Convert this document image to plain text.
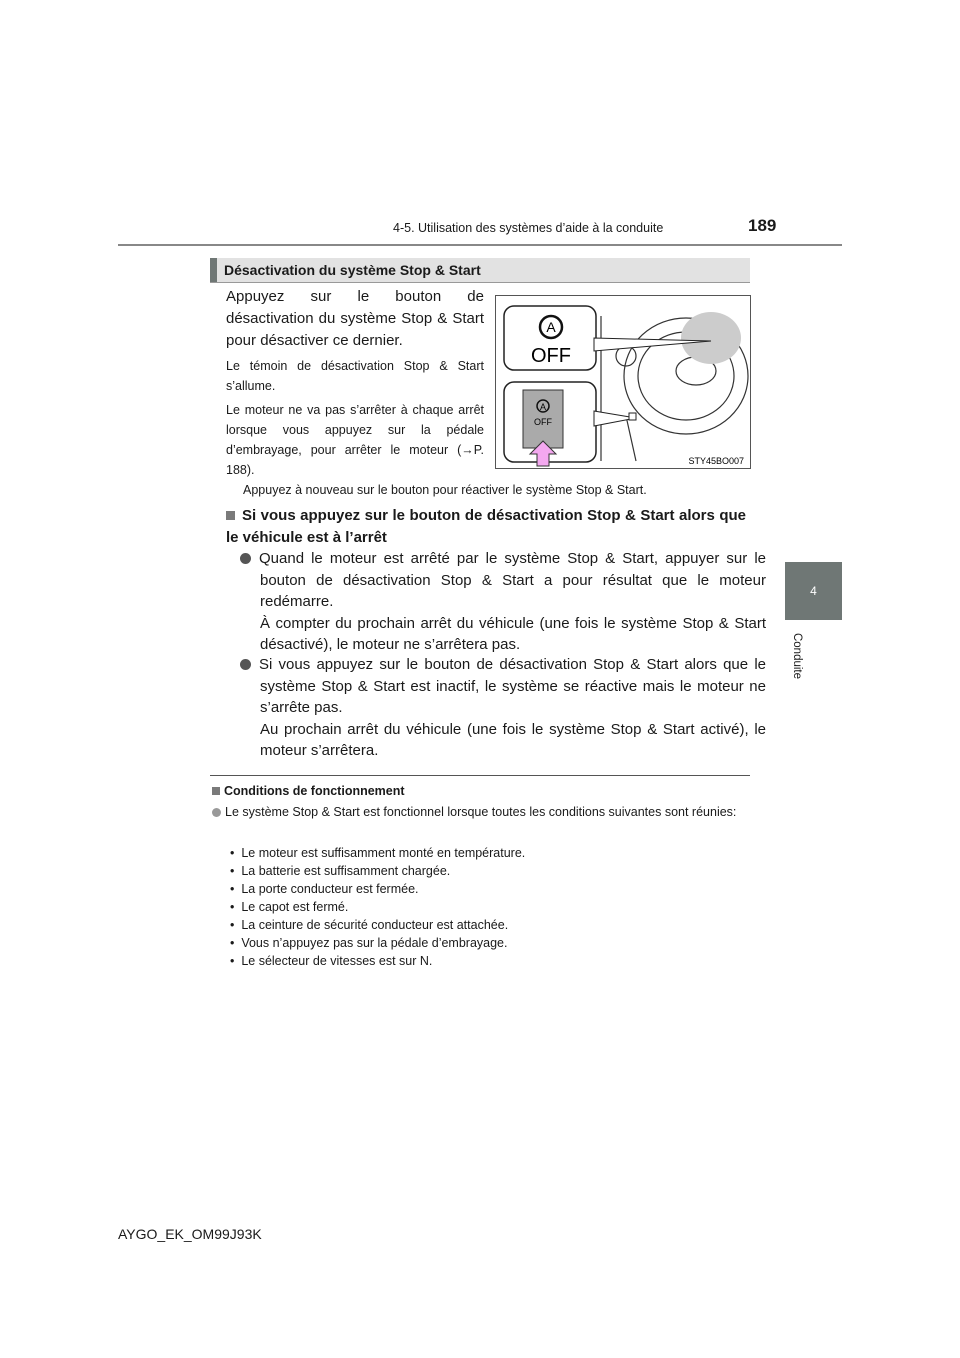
4-5. Utilisation des systèmes d’aide à la conduite	189
4
Conduite
Désactivation du système Stop & Start
Appuyez sur le bouton de désactivation du système Stop & Start pour désactiver ce dernier.
Le témoin de désactivation Stop & Start s’allume.
Le moteur ne va pas s’arrêter à chaque arrêt lorsque vous appuyez sur la pédale d’embrayage, pour arrêter le moteur (→P. 188).
Appuyez à nouveau sur le bouton pour réactiver le système Stop & Start.
A
A
OFF
OFF
STY45BO007
Si vous appuyez sur le bouton de désactivation Stop & Start alors que le véhicule est à l’arrêt
Quand le moteur est arrêté par le système Stop & Start, appuyer sur le bouton de désactivation Stop & Start a pour résultat que le moteur redémarre.
À compter du prochain arrêt du véhicule (une fois le système Stop & Start désactivé), le moteur ne s’arrêtera pas.
Si vous appuyez sur le bouton de désactivation Stop & Start alors que le système Stop & Start est inactif, le système se réactive mais le moteur ne s’arrête pas.
Au prochain arrêt du véhicule (une fois le système Stop & Start activé), le moteur s’arrêtera.
Conditions de fonctionnement
Le système Stop & Start est fonctionnel lorsque toutes les conditions suivantes sont réunies:
•  Le moteur est suffisamment monté en température.
•  La batterie est suffisamment chargée.
•  La porte conducteur est fermée.
•  Le capot est fermé.
•  La ceinture de sécurité conducteur est attachée.
•  Vous n’appuyez pas sur la pédale d’embrayage.
•  Le sélecteur de vitesses est sur N.
AYGO_EK_OM99J93K
